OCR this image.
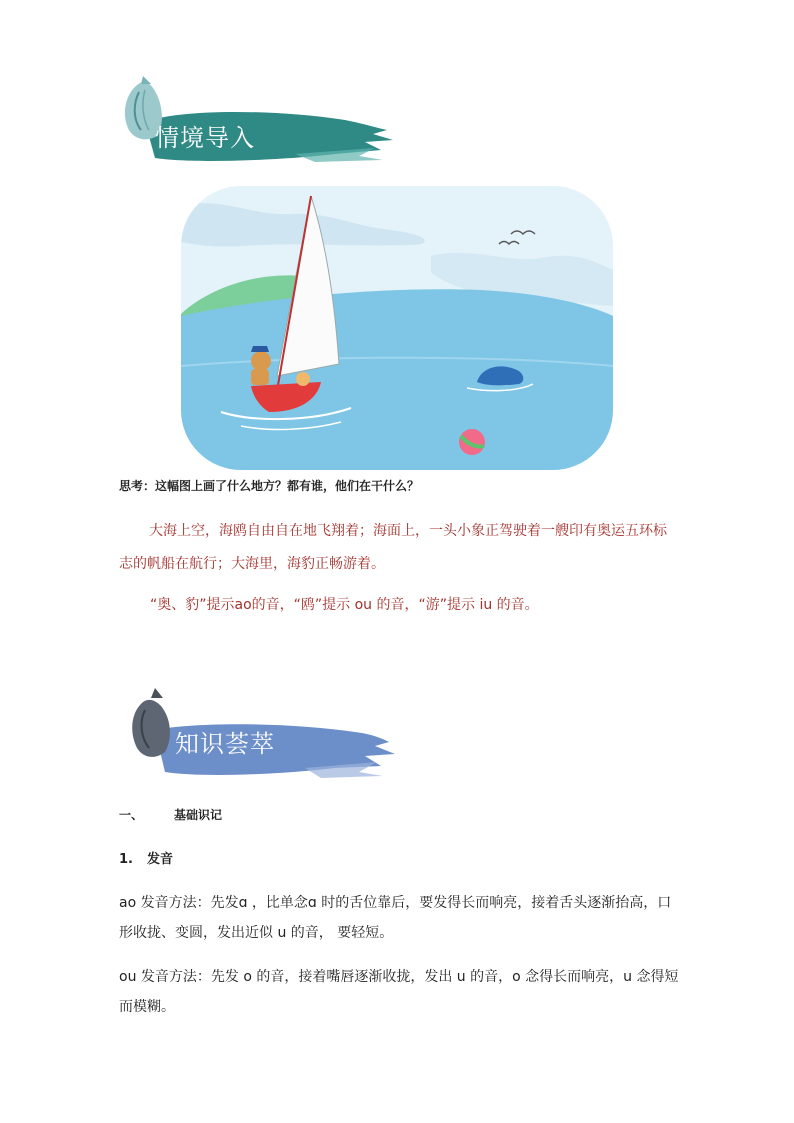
情境导入

思考：这幅图上画了什么地方？都有谁，他们在干什么？

大海上空，海鸥自由自在地飞翔着；海面上，一头小象正驾驶着一艘印有奥运五环标志的帆船在航行；大海里，海豹正畅游着。

“奥、豹”提示ao的音，“鸥”提示 ou 的音，“游”提示 iu 的音。

知识荟萃

一、	基础识记

1. 发音

ao 发音方法：先发ɑ ，比单念ɑ 时的舌位靠后，要发得长而响亮，接着舌头逐渐抬高，口形收拢、变圆，发出近似 u 的音， 要轻短。

ou 发音方法：先发 o 的音，接着嘴唇逐渐收拢，发出 u 的音，o 念得长而响亮，u 念得短而模糊。
